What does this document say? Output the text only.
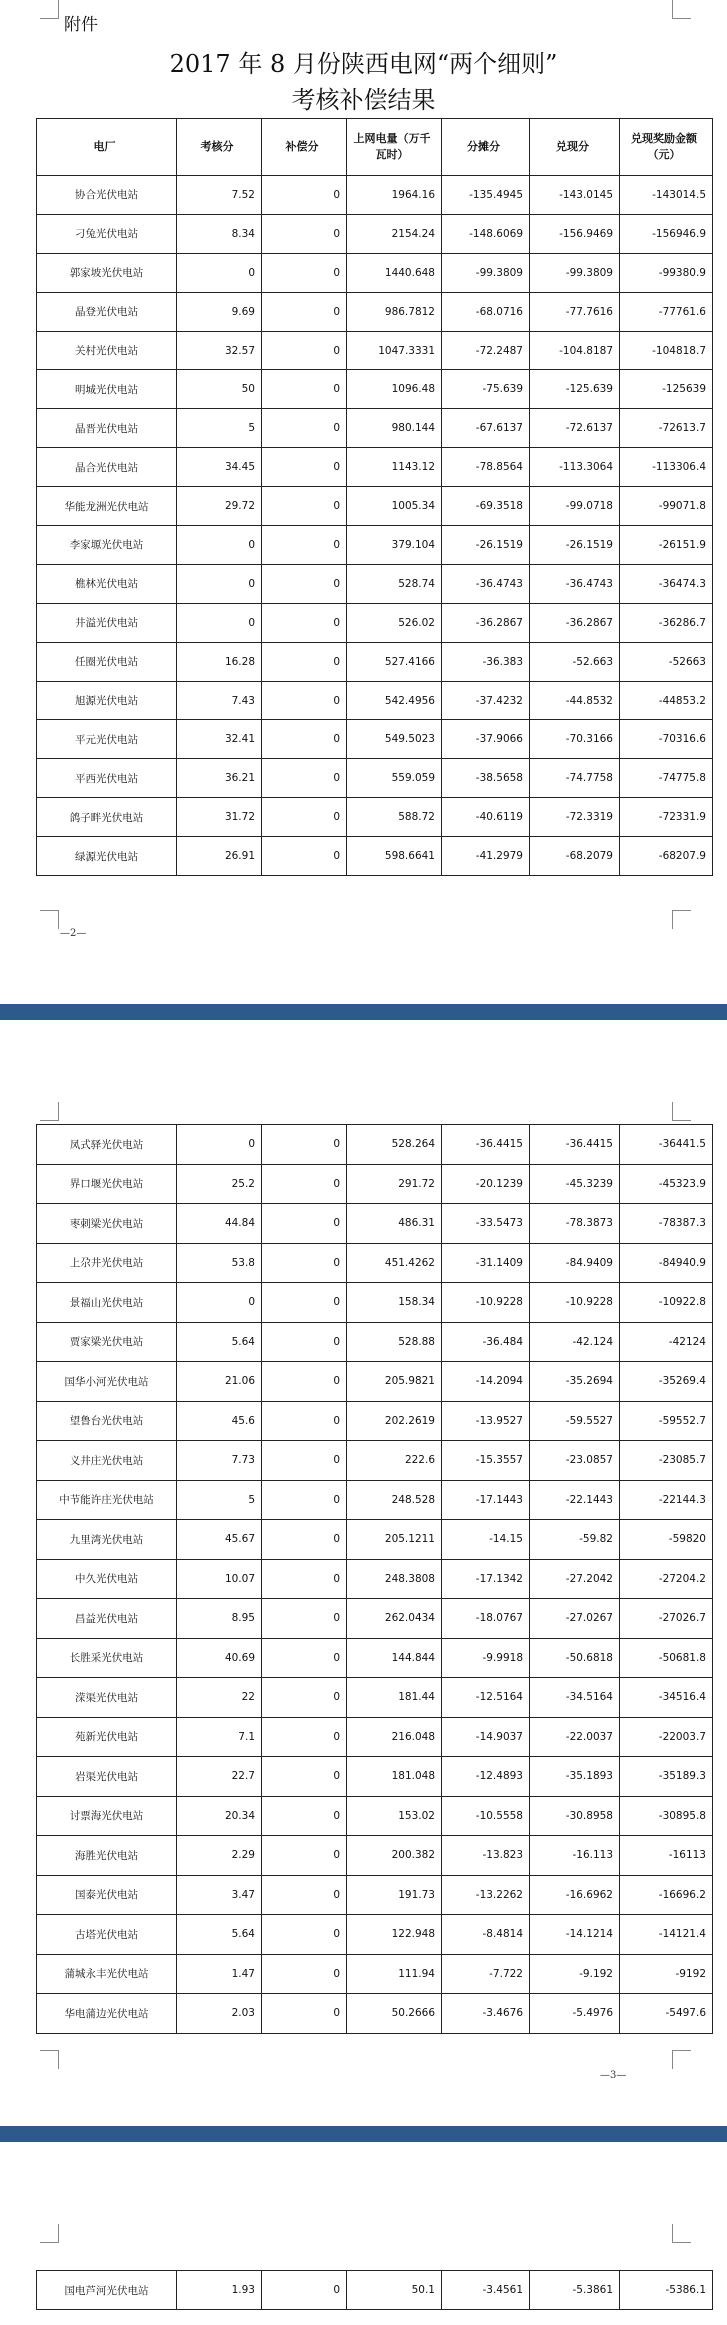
附件
2017 年 8 月份陕西电网“两个细则”
考核补偿结果
电厂	考核分	补偿分	上网电量（万千瓦时）	分摊分	兑现分	兑现奖励金额（元）
协合光伏电站	7.52	0	1964.16	-135.4945	-143.0145	-143014.5
刁兔光伏电站	8.34	0	2154.24	-148.6069	-156.9469	-156946.9
郭家坡光伏电站	0	0	1440.648	-99.3809	-99.3809	-99380.9
晶登光伏电站	9.69	0	986.7812	-68.0716	-77.7616	-77761.6
关村光伏电站	32.57	0	1047.3331	-72.2487	-104.8187	-104818.7
明城光伏电站	50	0	1096.48	-75.639	-125.639	-125639
晶晋光伏电站	5	0	980.144	-67.6137	-72.6137	-72613.7
晶合光伏电站	34.45	0	1143.12	-78.8564	-113.3064	-113306.4
华能龙洲光伏电站	29.72	0	1005.34	-69.3518	-99.0718	-99071.8
李家塬光伏电站	0	0	379.104	-26.1519	-26.1519	-26151.9
樵林光伏电站	0	0	528.74	-36.4743	-36.4743	-36474.3
井溢光伏电站	0	0	526.02	-36.2867	-36.2867	-36286.7
任圈光伏电站	16.28	0	527.4166	-36.383	-52.663	-52663
旭源光伏电站	7.43	0	542.4956	-37.4232	-44.8532	-44853.2
平元光伏电站	32.41	0	549.5023	-37.9066	-70.3166	-70316.6
平西光伏电站	36.21	0	559.059	-38.5658	-74.7758	-74775.8
鸽子畔光伏电站	31.72	0	588.72	-40.6119	-72.3319	-72331.9
绿源光伏电站	26.91	0	598.6641	-41.2979	-68.2079	-68207.9
—2—
凤式驿光伏电站	0	0	528.264	-36.4415	-36.4415	-36441.5
界口堰光伏电站	25.2	0	291.72	-20.1239	-45.3239	-45323.9
枣刺梁光伏电站	44.84	0	486.31	-33.5473	-78.3873	-78387.3
上尕井光伏电站	53.8	0	451.4262	-31.1409	-84.9409	-84940.9
景福山光伏电站	0	0	158.34	-10.9228	-10.9228	-10922.8
贾家梁光伏电站	5.64	0	528.88	-36.484	-42.124	-42124
国华小河光伏电站	21.06	0	205.9821	-14.2094	-35.2694	-35269.4
望鲁台光伏电站	45.6	0	202.2619	-13.9527	-59.5527	-59552.7
义井庄光伏电站	7.73	0	222.6	-15.3557	-23.0857	-23085.7
中节能许庄光伏电站	5	0	248.528	-17.1443	-22.1443	-22144.3
九里湾光伏电站	45.67	0	205.1211	-14.15	-59.82	-59820
中久光伏电站	10.07	0	248.3808	-17.1342	-27.2042	-27204.2
昌益光伏电站	8.95	0	262.0434	-18.0767	-27.0267	-27026.7
长胜采光伏电站	40.69	0	144.844	-9.9918	-50.6818	-50681.8
溁渠光伏电站	22	0	181.44	-12.5164	-34.5164	-34516.4
苑新光伏电站	7.1	0	216.048	-14.9037	-22.0037	-22003.7
岩渠光伏电站	22.7	0	181.048	-12.4893	-35.1893	-35189.3
讨票海光伏电站	20.34	0	153.02	-10.5558	-30.8958	-30895.8
海胜光伏电站	2.29	0	200.382	-13.823	-16.113	-16113
国泰光伏电站	3.47	0	191.73	-13.2262	-16.6962	-16696.2
古塔光伏电站	5.64	0	122.948	-8.4814	-14.1214	-14121.4
蒲城永丰光伏电站	1.47	0	111.94	-7.722	-9.192	-9192
华电蒲边光伏电站	2.03	0	50.2666	-3.4676	-5.4976	-5497.6
—3—
国电芦河光伏电站	1.93	0	50.1	-3.4561	-5.3861	-5386.1
